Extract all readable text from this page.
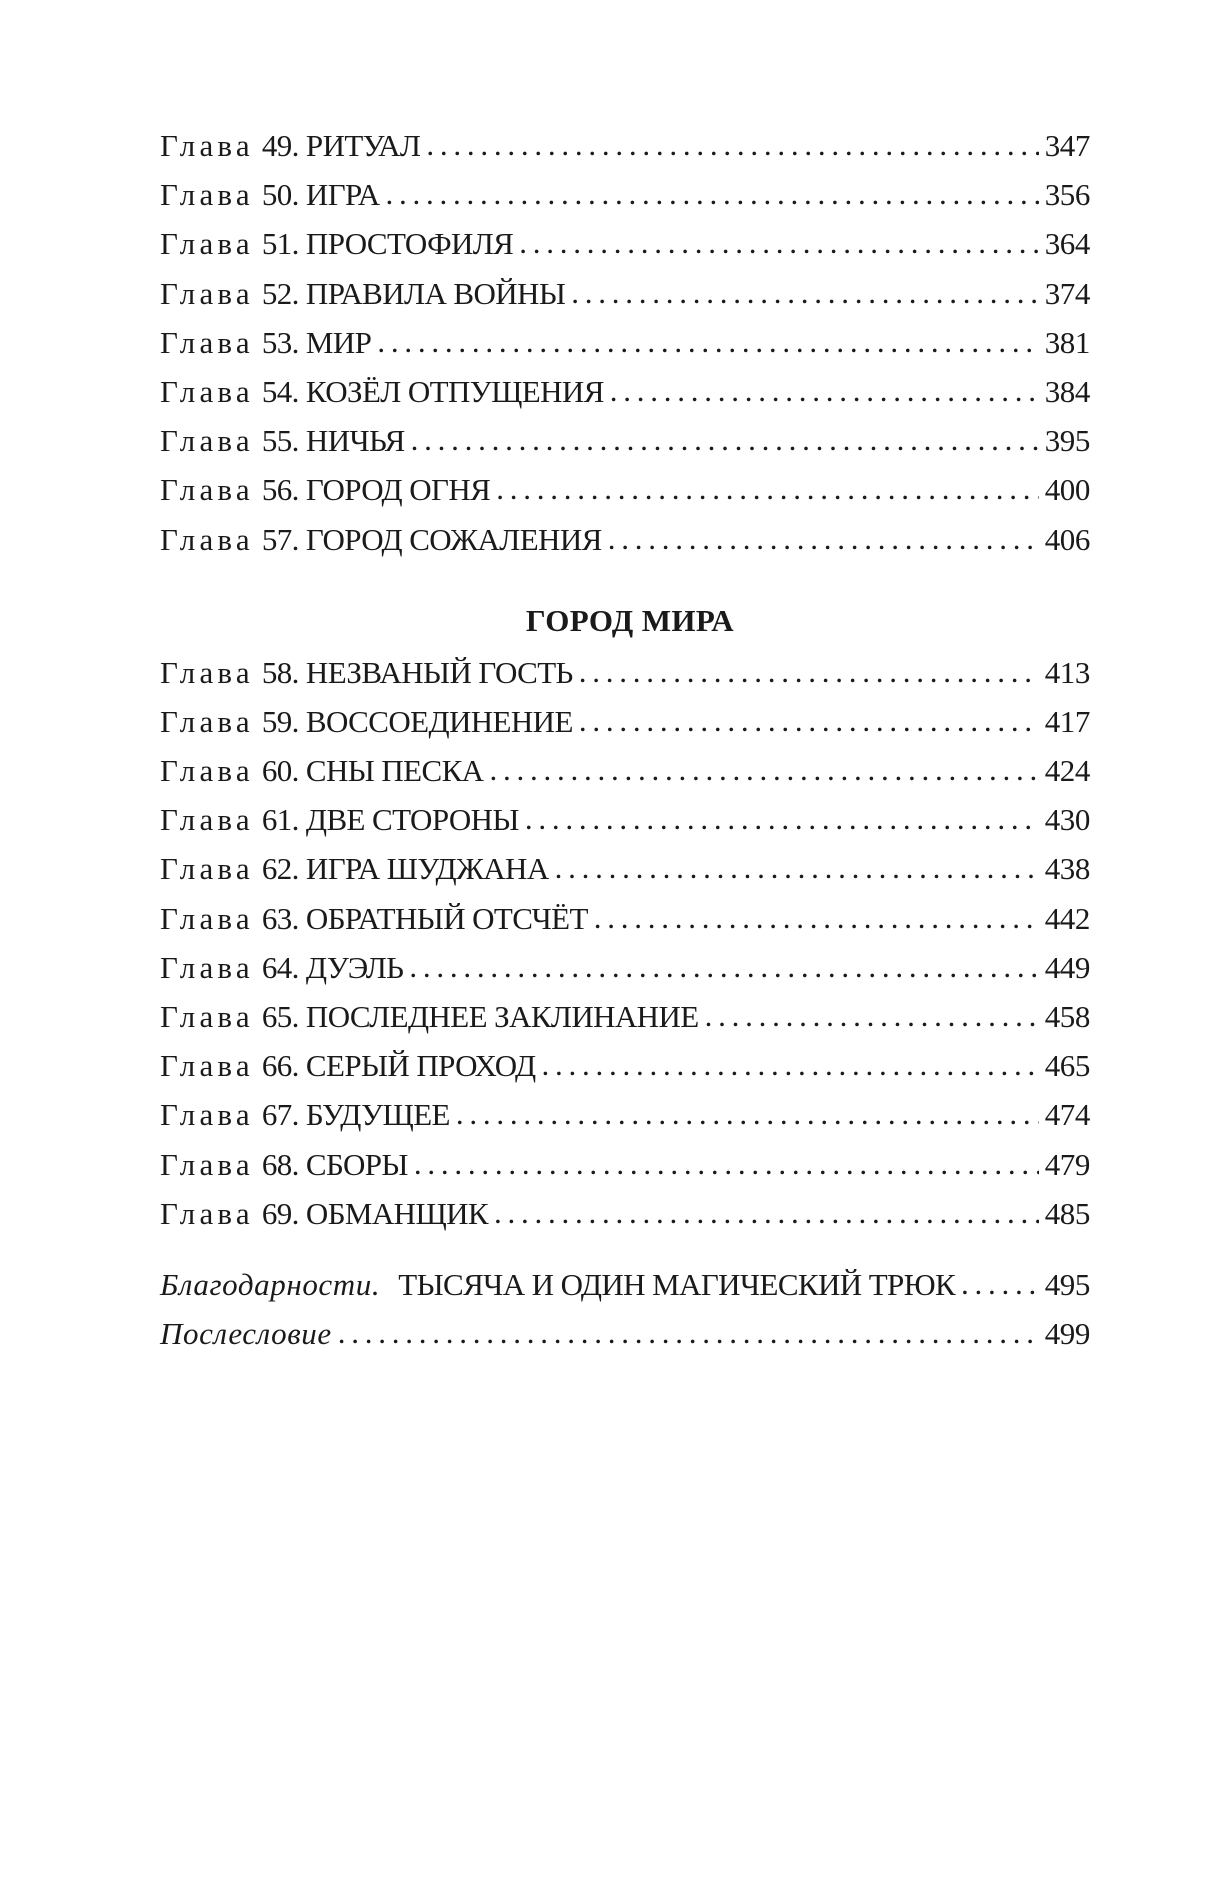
Глава 49. РИТУАЛ . . .	347
Глава 50. ИГРА . . .	356
Глава 51. ПРОСТОФИЛЯ . . .	364
Глава 52. ПРАВИЛА ВОЙНЫ . . .	374
Глава 53. МИР . . .	381
Глава 54. КОЗЁЛ ОТПУЩЕНИЯ . . .	384
Глава 55. НИЧЬЯ . . .	395
Глава 56. ГОРОД ОГНЯ . . .	400
Глава 57. ГОРОД СОЖАЛЕНИЯ . . .	406
ГОРОД МИРА
Глава 58. НЕЗВАНЫЙ ГОСТЬ . . .	413
Глава 59. ВОССОЕДИНЕНИЕ . . .	417
Глава 60. СНЫ ПЕСКА . . .	424
Глава 61. ДВЕ СТОРОНЫ . . .	430
Глава 62. ИГРА ШУДЖАНА . . .	438
Глава 63. ОБРАТНЫЙ ОТСЧЁТ . . .	442
Глава 64. ДУЭЛЬ . . .	449
Глава 65. ПОСЛЕДНЕЕ ЗАКЛИНАНИЕ . . .	458
Глава 66. СЕРЫЙ ПРОХОД . . .	465
Глава 67. БУДУЩЕЕ . . .	474
Глава 68. СБОРЫ . . .	479
Глава 69. ОБМАНЩИК . . .	485
Благодарности. ТЫСЯЧА И ОДИН МАГИЧЕСКИЙ ТРЮК . . .	495
Послесловие . . .	499
